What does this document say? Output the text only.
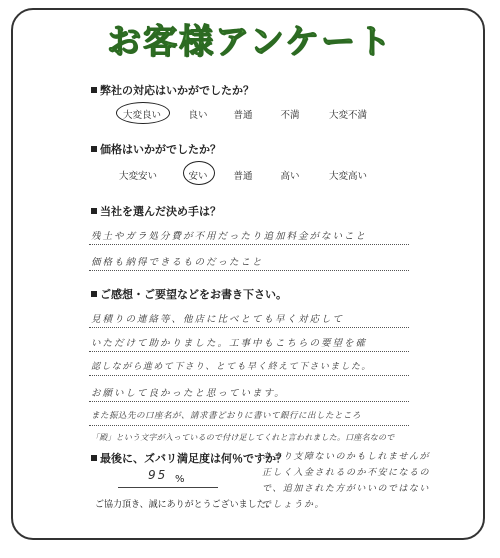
お客様アンケート
弊社の対応はいかがでしたか？
大変良い	良い	普通	不満	大変不満
価格はいかがでしたか？
大変安い	安い	普通	高い	大変高い
当社を選んだ決め手は？
残土やガラ処分費が不用だったり追加料金がないこと
価格も納得できるものだったこと
ご感想・ご要望などをお書き下さい。
見積りの連絡等、他店に比べとても早く対応して
いただけて助かりました。工事中もこちらの要望を確
認しながら進めて下さり、とても早く終えて下さいました。
お願いして良かったと思っています。
また振込先の口座名が、請求書どおりに書いて銀行に出したところ
「殿」という文字が入っているので付け足してくれと言われました。口座名なので
最後に、ズバリ満足度は何％ですか？
95 %
あまり支障ないのかもしれませんが
正しく入金されるのか不安になるの
で、追加された方がいいのではない
でしょうか。
ご協力頂き、誠にありがとうございました。
